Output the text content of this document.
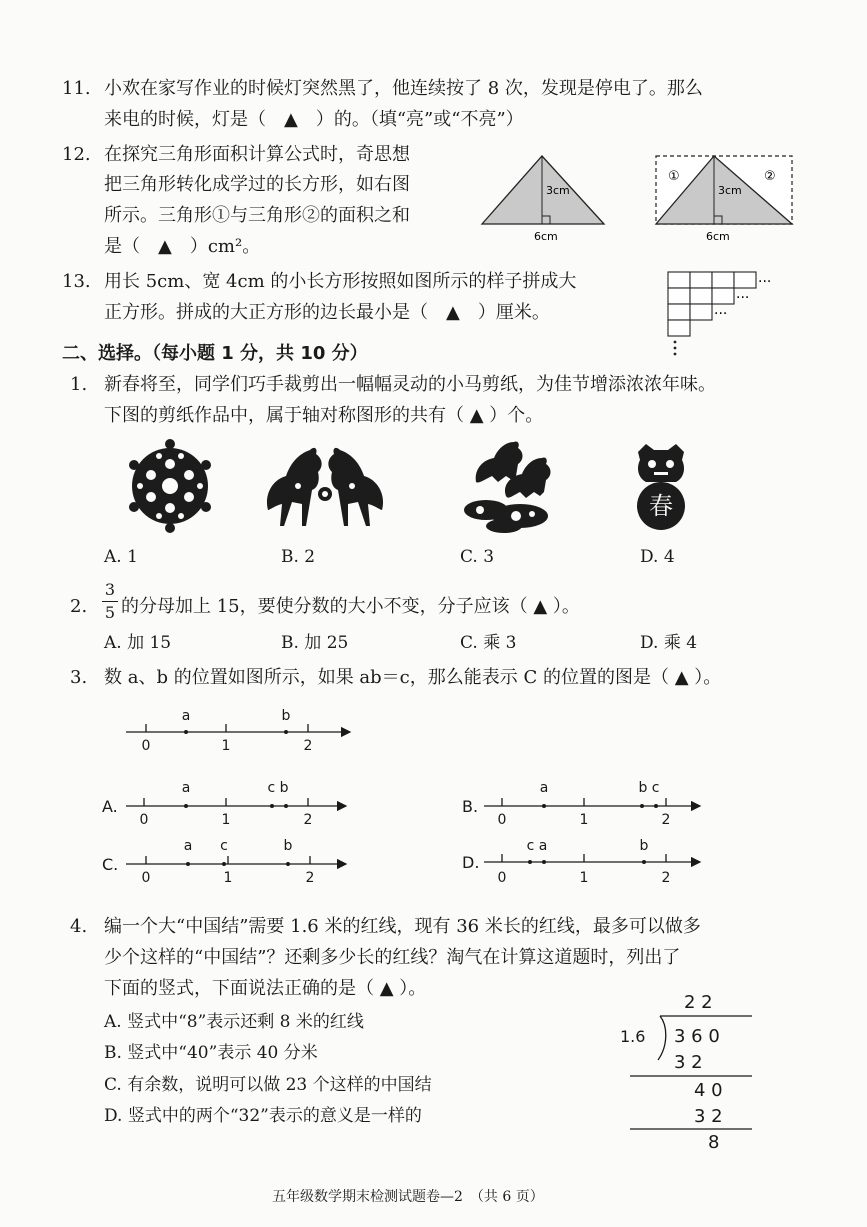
11. 小欢在家写作业的时候灯突然黑了，他连续按了 8 次，发现是停电了。那么
来电的时候，灯是（　▲　）的。（填“亮”或“不亮”）
12. 在探究三角形面积计算公式时，奇思想
把三角形转化成学过的长方形，如右图
所示。三角形①与三角形②的面积之和
是（　▲　）cm²。
3cm
6cm
3cm
6cm
①	②
13. 用长 5cm、宽 4cm 的小长方形按照如图所示的样子拼成大
正方形。拼成的大正方形的边长最小是（　▲　）厘米。
···
···
···
二、选择。（每小题 1 分，共 10 分）
1. 新春将至，同学们巧手裁剪出一幅幅灵动的小马剪纸，为佳节增添浓浓年味。
下图的剪纸作品中，属于轴对称图形的共有（ ▲ ）个。
春
A. 1	B. 2	C. 3	D. 4
2.
3
5 的分母加上 15，要使分数的大小不变，分子应该（ ▲ ）。
A. 加 15	B. 加 25	C. 乘 3	D. 乘 4
3. 数 a、b 的位置如图所示，如果 ab＝c，那么能表示 C 的位置的图是（ ▲ ）。
a	b
0	1	2
a	c b
0	1	2
a	b c
0	1	2
a c	b
0	1	2
c a	b
0	1	2
A.	B.
C.	D.
4. 编一个大“中国结”需要 1.6 米的红线，现有 36 米长的红线，最多可以做多
少个这样的“中国结”？还剩多少长的红线？淘气在计算这道题时，列出了
下面的竖式，下面说法正确的是（ ▲ ）。
A. 竖式中“8”表示还剩 8 米的红线
B. 竖式中“40”表示 40 分米
C. 有余数，说明可以做 23 个这样的中国结
D. 竖式中的两个“32”表示的意义是一样的
2 2
1.6 3 6 0
3 2
4 0
3 2
8
五年级数学期末检测试题卷—2　（共 6 页）
